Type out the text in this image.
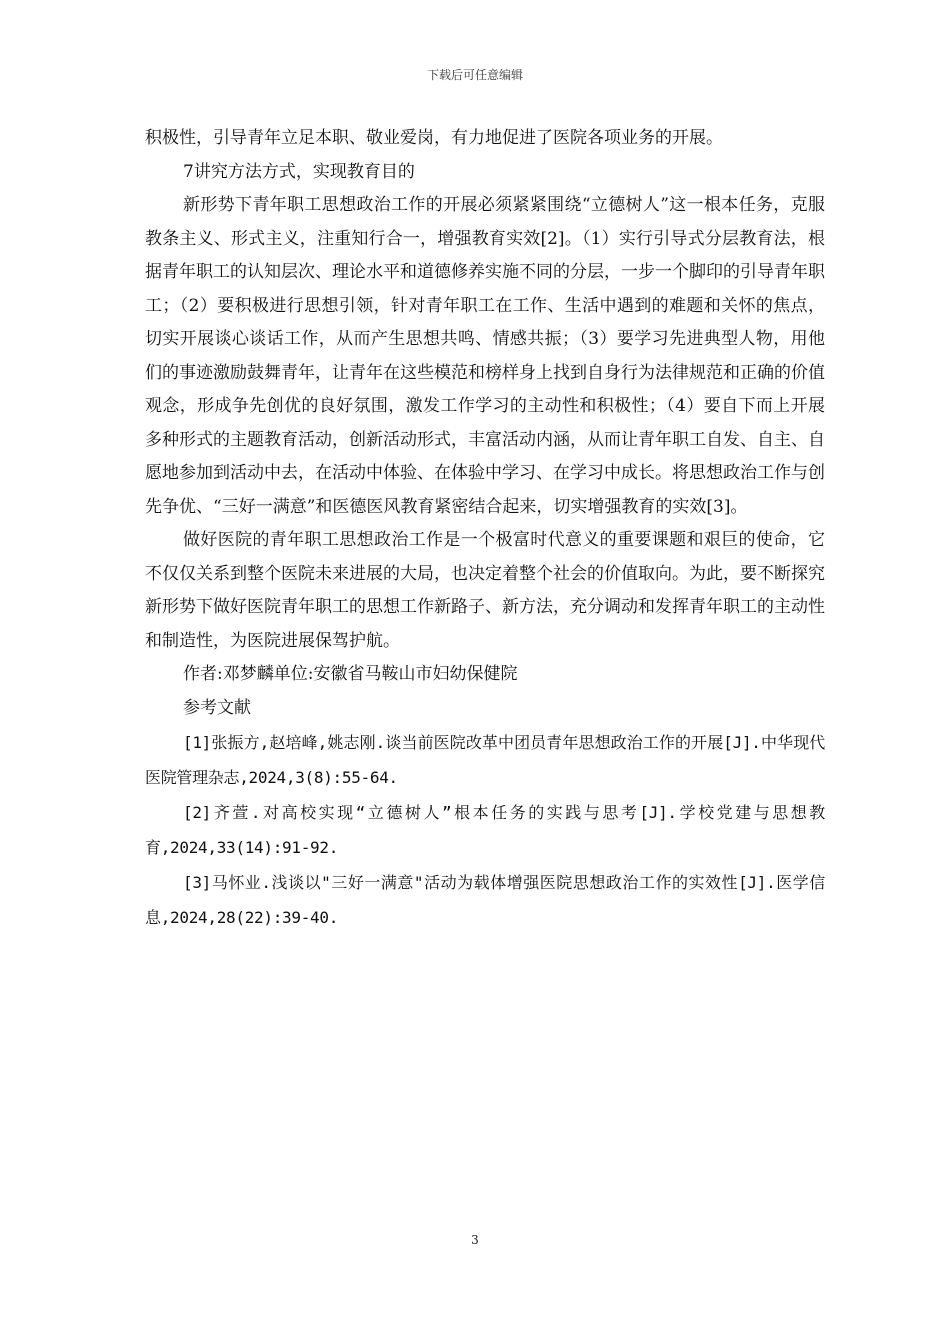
下载后可任意编辑

积极性，引导青年立足本职、敬业爱岗，有力地促进了医院各项业务的开展。

7讲究方法方式，实现教育目的

新形势下青年职工思想政治工作的开展必须紧紧围绕“立德树人”这一根本任务，克服教条主义、形式主义，注重知行合一，增强教育实效[2]。（1）实行引导式分层教育法，根据青年职工的认知层次、理论水平和道德修养实施不同的分层，一步一个脚印的引导青年职工；（2）要积极进行思想引领，针对青年职工在工作、生活中遇到的难题和关怀的焦点，切实开展谈心谈话工作，从而产生思想共鸣、情感共振；（3）要学习先进典型人物，用他们的事迹激励鼓舞青年，让青年在这些模范和榜样身上找到自身行为法律规范和正确的价值观念，形成争先创优的良好氛围，激发工作学习的主动性和积极性；（4）要自下而上开展多种形式的主题教育活动，创新活动形式，丰富活动内涵，从而让青年职工自发、自主、自愿地参加到活动中去，在活动中体验、在体验中学习、在学习中成长。将思想政治工作与创先争优、“三好一满意”和医德医风教育紧密结合起来，切实增强教育的实效[3]。

做好医院的青年职工思想政治工作是一个极富时代意义的重要课题和艰巨的使命，它不仅仅关系到整个医院未来进展的大局，也决定着整个社会的价值取向。为此，要不断探究新形势下做好医院青年职工的思想工作新路子、新方法，充分调动和发挥青年职工的主动性和制造性，为医院进展保驾护航。

作者:邓梦麟单位:安徽省马鞍山市妇幼保健院

参考文献

[1]张振方,赵培峰,姚志刚.谈当前医院改革中团员青年思想政治工作的开展[J].中华现代医院管理杂志,2024,3(8):55-64.

[2]齐萱.对高校实现“立德树人”根本任务的实践与思考[J].学校党建与思想教育,2024,33(14):91-92.

[3]马怀业.浅谈以"三好一满意"活动为载体增强医院思想政治工作的实效性[J].医学信息,2024,28(22):39-40.

3
